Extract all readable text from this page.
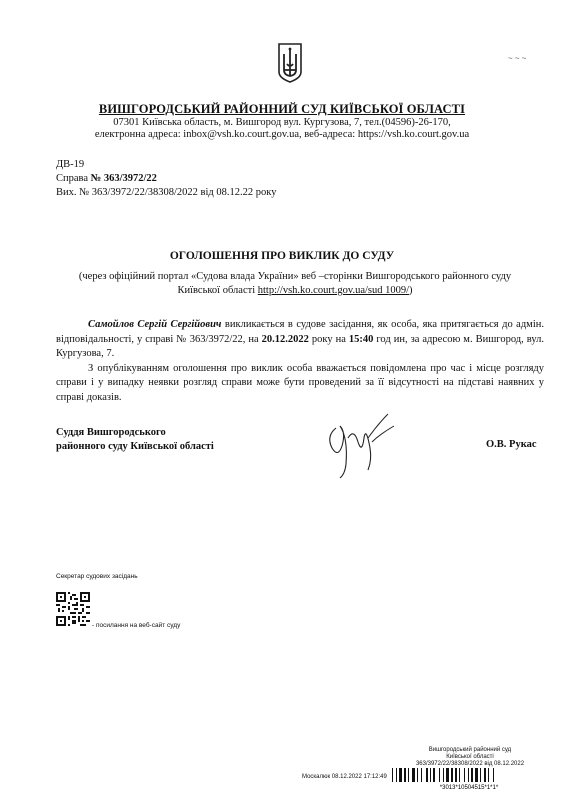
~ ~ ~
ВИШГОРОДСЬКИЙ РАЙОННИЙ СУД КИЇВСЬКОЇ ОБЛАСТІ
07301 Київська область, м. Вишгород вул. Кургузова, 7, тел.(04596)-26-170,
електронна адреса: inbox@vsh.ko.court.gov.ua, веб-адреса: https://vsh.ko.court.gov.ua
ДВ-19
Справа № 363/3972/22
Вих. № 363/3972/22/38308/2022 від 08.12.22 року
ОГОЛОШЕННЯ ПРО ВИКЛИК ДО СУДУ
(через офіційний портал «Судова влада України» веб –сторінки Вишгородського районного суду Київської області http://vsh.ko.court.gov.ua/sud 1009/)

Самойлов Сергій Сергійович викликається в судове засідання, як особа, яка притягається до адмін. відповідальності, у справі № 363/3972/22, на 20.12.2022 року на 15:40 год ин, за адресою м. Вишгород, вул. Кургузова, 7.

З опублікуванням оголошення про виклик особа вважається повідомлена про час і місце розгляду справи і у випадку неявки розгляд справи може бути проведений за її відсутності на підставі наявних у справі доказів.

Суддя Вишгородського
районного суду Київської області	О.В. Рукас
Секретар судових засідань
- посилання на веб-сайт суду
Вишгородський районний суд
Київської області
363/3972/22/38308/2022 від 08.12.2022
Москалюк 08.12.2022 17:12:49
*3013*10504515*1*1*
